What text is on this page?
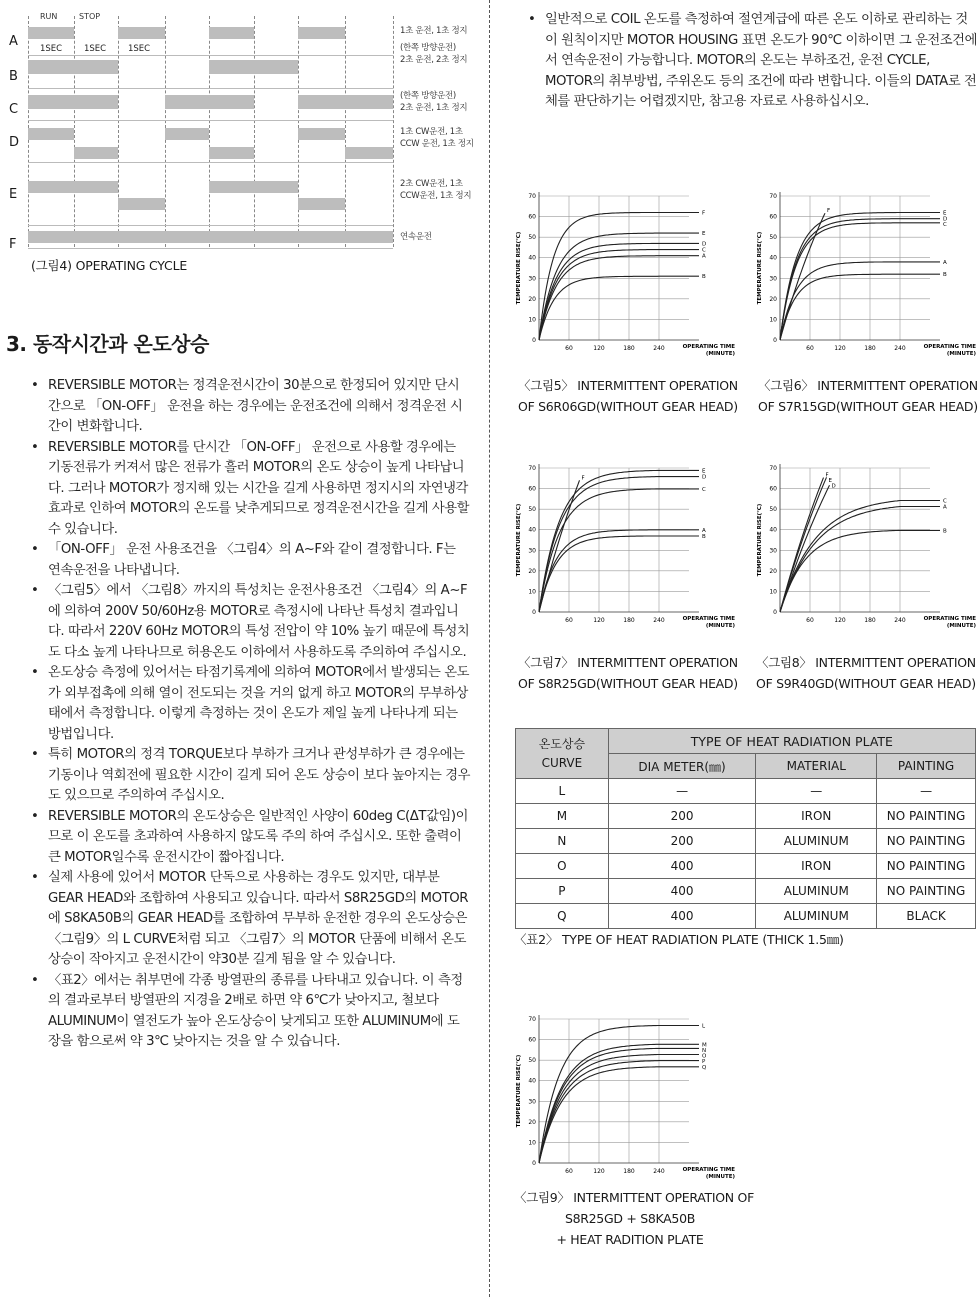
RUN	STOP
A
1초 운전, 1초 정지
B
(한쪽 방향운전)
2초 운전, 2초 정지
C
(한쪽 방향운전)
2초 운전, 1초 정지
D
1초 CW운전, 1초
CCW 운전, 1초 정지
E
2초 CW운전, 1초
CCW운전, 1초 정지
F	연속운전
1SEC	1SEC	1SEC
(그림4) OPERATING CYCLE
3. 동작시간과 온도상승
• REVERSIBLE MOTOR는 정격운전시간이 30분으로 한정되어 있지만 단시간으로 「ON-OFF」 운전을 하는 경우에는 운전조건에 의해서 정격운전 시간이 변화합니다.
• REVERSIBLE MOTOR를 단시간 「ON-OFF」 운전으로 사용할 경우에는 기동전류가 커져서 많은 전류가 흘러 MOTOR의 온도 상승이 높게 나타납니다. 그러나 MOTOR가 정지해 있는 시간을 길게 사용하면 정지시의 자연냉각 효과로 인하여 MOTOR의 온도를 낮추게되므로 정격운전시간을 길게 사용할 수 있습니다.
• 「ON-OFF」 운전 사용조건을 〈그림4〉의 A~F와 같이 결정합니다. F는 연속운전을 나타냅니다.
• 〈그림5〉에서 〈그림8〉까지의 특성치는 운전사용조건 〈그림4〉의 A~F에 의하여 200V 50/60Hz용 MOTOR로 측정시에 나타난 특성치 결과입니다. 따라서 220V 60Hz MOTOR의 특성 전압이 약 10% 높기 때문에 특성치도 다소 높게 나타나므로 허용온도 이하에서 사용하도록 주의하여 주십시오.
• 온도상승 측정에 있어서는 타점기록계에 의하여 MOTOR에서 발생되는 온도가 외부접촉에 의해 열이 전도되는 것을 거의 없게 하고 MOTOR의 무부하상태에서 측정합니다. 이렇게 측정하는 것이 온도가 제일 높게 나타나게 되는 방법입니다.
• 특히 MOTOR의 정격 TORQUE보다 부하가 크거나 관성부하가 큰 경우에는 기동이나 역회전에 필요한 시간이 길게 되어 온도 상승이 보다 높아지는 경우도 있으므로 주의하여 주십시오.
• REVERSIBLE MOTOR의 온도상승은 일반적인 사양이 60deg C(ΔT값임)이므로 이 온도를 초과하여 사용하지 않도록 주의 하여 주십시오. 또한 출력이 큰 MOTOR일수록 운전시간이 짧아집니다.
• 실제 사용에 있어서 MOTOR 단독으로 사용하는 경우도 있지만, 대부분 GEAR HEAD와 조합하여 사용되고 있습니다. 따라서 S8R25GD의 MOTOR에 S8KA50B의 GEAR HEAD를 조합하여 무부하 운전한 경우의 온도상승은 〈그림9〉의 L CURVE처럼 되고 〈그림7〉의 MOTOR 단품에 비해서 온도상승이 작아지고 운전시간이 약30분 길게 됨을 알 수 있습니다.
• 〈표2〉에서는 취부면에 각종 방열판의 종류를 나타내고 있습니다. 이 측정의 결과로부터 방열판의 지경을 2배로 하면 약 6℃가 낮아지고, 철보다 ALUMINUM이 열전도가 높아 온도상승이 낮게되고 또한 ALUMINUM에 도장을 함으로써 약 3℃ 낮아지는 것을 알 수 있습니다.
• 일반적으로 COIL 온도를 측정하여 절연계급에 따른 온도 이하로 관리하는 것이 원칙이지만 MOTOR HOUSING 표면 온도가 90℃ 이하이면 그 운전조건에서 연속운전이 가능합니다. MOTOR의 온도는 부하조건, 운전 CYCLE, MOTOR의 취부방법, 주위온도 등의 조건에 따라 변합니다. 이들의 DATA로 전체를 판단하기는 어렵겠지만, 참고용 자료로 사용하십시오.
60	120	180	240
10
20
30
40
50
60
70
0
TEMPERATURE RISE(℃)
OPERATING TIME
(MINUTE)
F
E
D
C
A
B
60	120	180	240
10
20
30
40
50
60
70
0
TEMPERATURE RISE(℃)
OPERATING TIME
(MINUTE)
F	E
D
C
A
B
60	120	180	240
10
20
30
40
50
60
70
0
TEMPERATURE RISE(℃)
OPERATING TIME
(MINUTE)
F
E
D
C
A
B
60	120	180	240
10
20
30
40
50
60
70
0
TEMPERATURE RISE(℃)
OPERATING TIME
(MINUTE)
F
E
D
C
A
B
60	120	180	240
10
20
30
40
50
60
70
0
TEMPERATURE RISE(℃)
OPERATING TIME
(MINUTE)
L
M
N
O
P
Q
〈그림5〉 INTERMITTENT OPERATION
OF S6R06GD(WITHOUT GEAR HEAD)
〈그림6〉 INTERMITTENT OPERATION
OF S7R15GD(WITHOUT GEAR HEAD)
〈그림7〉 INTERMITTENT OPERATION
OF S8R25GD(WITHOUT GEAR HEAD)
〈그림8〉 INTERMITTENT OPERATION
OF S9R40GD(WITHOUT GEAR HEAD)
〈그림9〉 INTERMITTENT OPERATION OF
S8R25GD + S8KA50B
+ HEAT RADITION PLATE
온도상승
CURVE	TYPE OF HEAT RADIATION PLATE		
	DIA METER(㎜)	MATERIAL	PAINTING
L	—	—	—
M	200	IRON	NO PAINTING
N	200	ALUMINUM	NO PAINTING
O	400	IRON	NO PAINTING
P	400	ALUMINUM	NO PAINTING
Q	400	ALUMINUM	BLACK
〈표2〉 TYPE OF HEAT RADIATION PLATE (THICK 1.5㎜)
